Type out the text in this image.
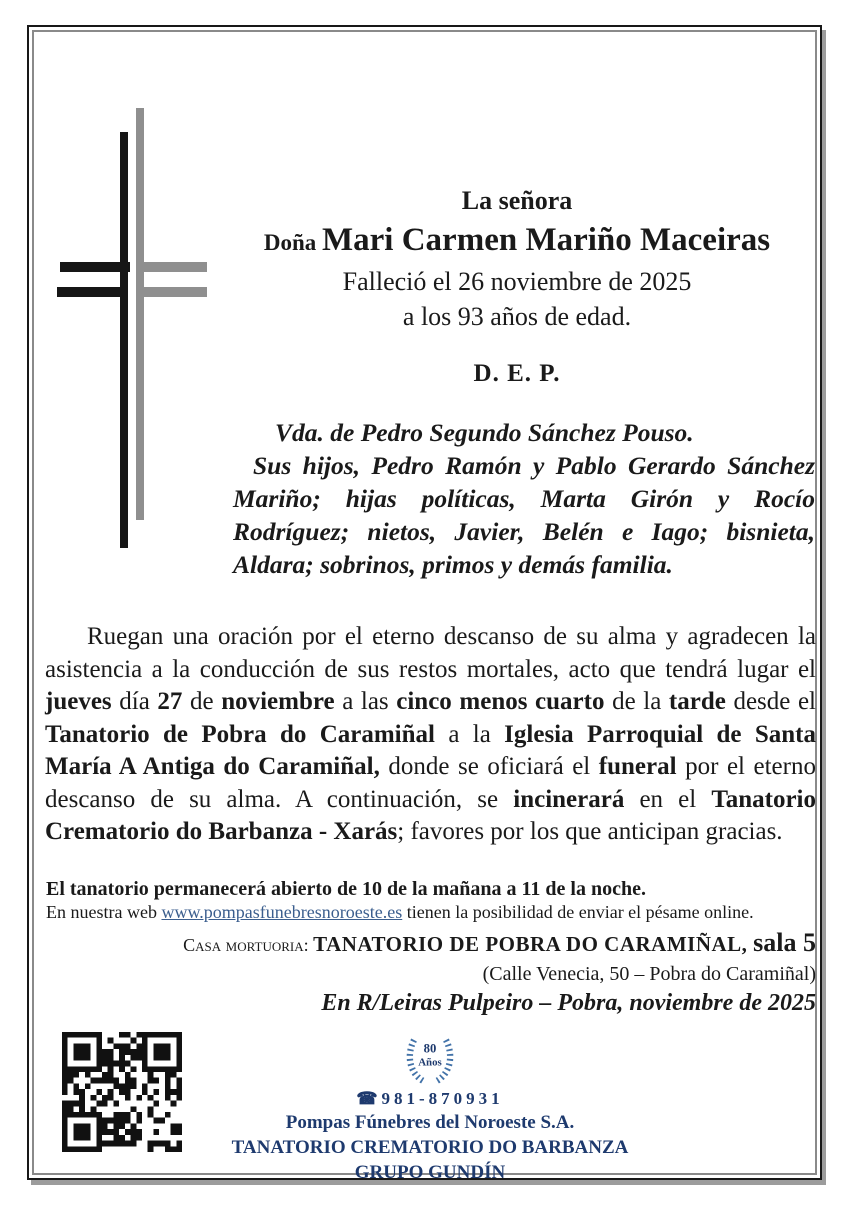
La señora
Doña Mari Carmen Mariño Maceiras
Falleció el 26 noviembre de 2025
a los 93 años de edad.
D. E. P.

Vda. de Pedro Segundo Sánchez Pouso.

Sus hijos, Pedro Ramón y Pablo Gerardo Sánchez Mariño; hijas políticas, Marta Girón y Rocío Rodríguez; nietos, Javier, Belén e Iago; bisnieta, Aldara; sobrinos, primos y demás familia.

Ruegan una oración por el eterno descanso de su alma y agradecen la asistencia a la conducción de sus restos mortales, acto que tendrá lugar el jueves día 27 de noviembre a las cinco menos cuarto de la tarde desde el Tanatorio de Pobra do Caramiñal a la Iglesia Parroquial de Santa María A Antiga do Caramiñal, donde se oficiará el funeral por el eterno descanso de su alma. A continuación, se incinerará en el Tanatorio Crematorio do Barbanza - Xarás; favores por los que anticipan gracias.
El tanatorio permanecerá abierto de 10 de la mañana a 11 de la noche.
En nuestra web www.pompasfunebresnoroeste.es tienen la posibilidad de enviar el pésame online.
Casa mortuoria: TANATORIO DE POBRA DO CARAMIÑAL, sala 5
(Calle Venecia, 50 – Pobra do Caramiñal)
En R/Leiras Pulpeiro – Pobra, noviembre de 2025
80
Años
☎ 981-870931
Pompas Fúnebres del Noroeste S.A.
TANATORIO CREMATORIO DO BARBANZA
GRUPO GUNDÍN
